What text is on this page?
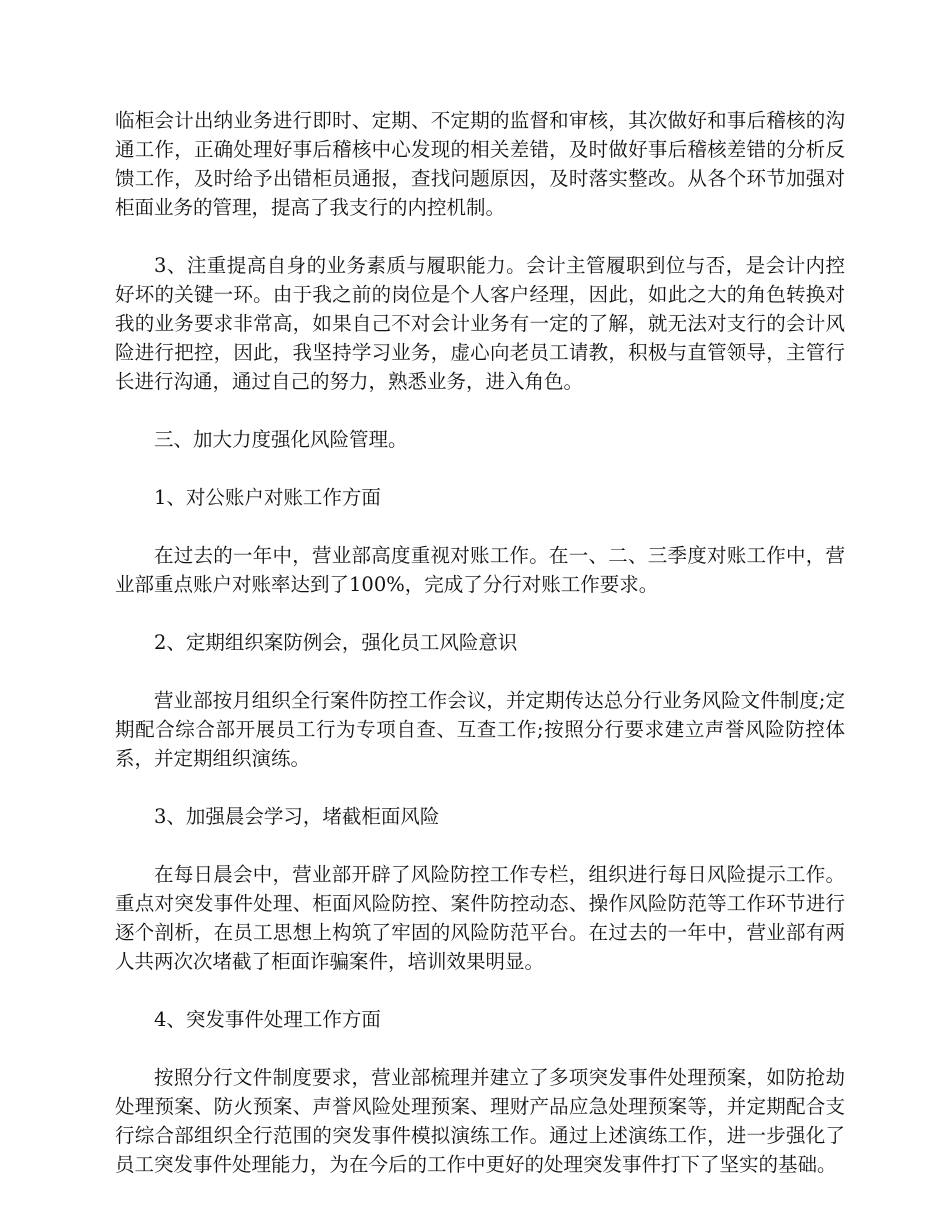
临柜会计出纳业务进行即时、定期、不定期的监督和审核，其次做好和事后稽核的沟通工作，正确处理好事后稽核中心发现的相关差错，及时做好事后稽核差错的分析反馈工作，及时给予出错柜员通报，查找问题原因，及时落实整改。从各个环节加强对柜面业务的管理，提高了我支行的内控机制。

3、注重提高自身的业务素质与履职能力。会计主管履职到位与否，是会计内控好坏的关键一环。由于我之前的岗位是个人客户经理，因此，如此之大的角色转换对我的业务要求非常高，如果自己不对会计业务有一定的了解，就无法对支行的会计风险进行把控，因此，我坚持学习业务，虚心向老员工请教，积极与直管领导，主管行长进行沟通，通过自己的努力，熟悉业务，进入角色。

三、加大力度强化风险管理。

1、对公账户对账工作方面

在过去的一年中，营业部高度重视对账工作。在一、二、三季度对账工作中，营业部重点账户对账率达到了100%，完成了分行对账工作要求。

2、定期组织案防例会，强化员工风险意识

营业部按月组织全行案件防控工作会议，并定期传达总分行业务风险文件制度;定期配合综合部开展员工行为专项自查、互查工作;按照分行要求建立声誉风险防控体系，并定期组织演练。

3、加强晨会学习，堵截柜面风险

在每日晨会中，营业部开辟了风险防控工作专栏，组织进行每日风险提示工作。重点对突发事件处理、柜面风险防控、案件防控动态、操作风险防范等工作环节进行逐个剖析，在员工思想上构筑了牢固的风险防范平台。在过去的一年中，营业部有两人共两次次堵截了柜面诈骗案件，培训效果明显。

4、突发事件处理工作方面

按照分行文件制度要求，营业部梳理并建立了多项突发事件处理预案，如防抢劫处理预案、防火预案、声誉风险处理预案、理财产品应急处理预案等，并定期配合支行综合部组织全行范围的突发事件模拟演练工作。通过上述演练工作，进一步强化了员工突发事件处理能力，为在今后的工作中更好的处理突发事件打下了坚实的基础。
